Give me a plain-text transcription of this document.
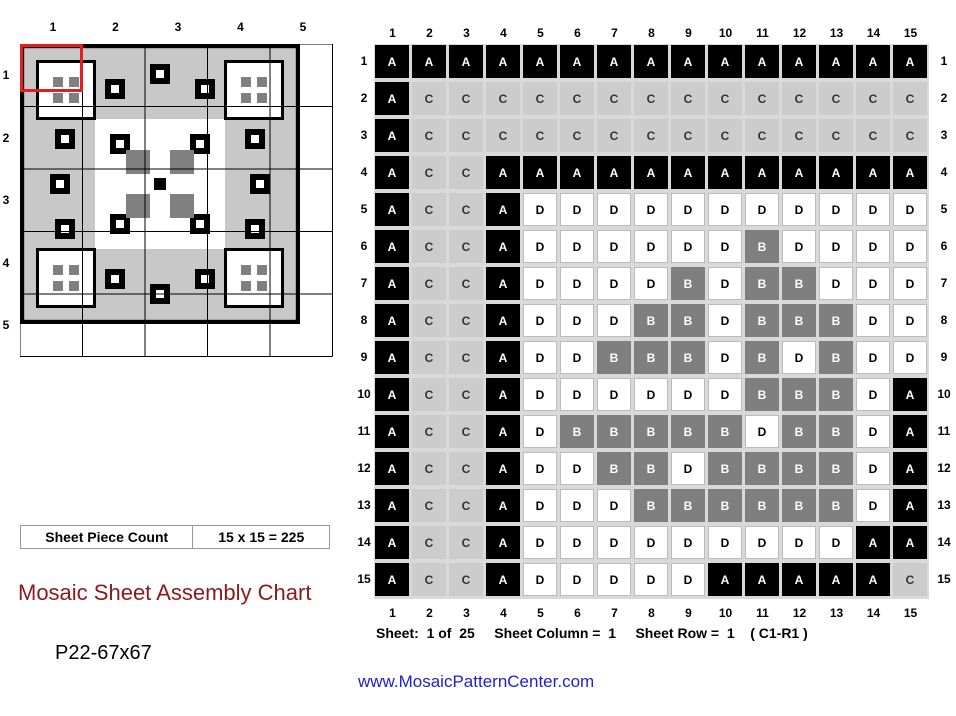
1	2	3	4	5
1
2
3
4
5
1	2	3	4	5	6	7	8	9	10	11	12	13	14	15
1	2	3	4	5	6	7	8	9	10	11	12	13	14	15
1
2
3
4
5
6
7
8
9
10
11
12
13
14
15
1
2
3
4
5
6
7
8
9
10
11
12
13
14
15
A	A	A	A	A	A	A	A	A	A	A	A	A	A	A
A	C	C	C	C	C	C	C	C	C	C	C	C	C	C
A	C	C	C	C	C	C	C	C	C	C	C	C	C	C
A	C	C	A	A	A	A	A	A	A	A	A	A	A	A
A	C	C	A	D	D	D	D	D	D	D	D	D	D	D
A	C	C	A	D	D	D	D	D	D	B	D	D	D	D
A	C	C	A	D	D	D	D	B	D	B	B	D	D	D
A	C	C	A	D	D	D	B	B	D	B	B	B	D	D
A	C	C	A	D	D	B	B	B	D	B	D	B	D	D
A	C	C	A	D	D	D	D	D	D	B	B	B	D	A
A	C	C	A	D	B	B	B	B	B	D	B	B	D	A
A	C	C	A	D	D	B	B	D	B	B	B	B	D	A
A	C	C	A	D	D	D	B	B	B	B	B	B	D	A
A	C	C	A	D	D	D	D	D	D	D	D	D	A	A
A	C	C	A	D	D	D	D	D	A	A	A	A	A	C
Sheet Piece Count	15 x 15 = 225
Mosaic Sheet Assembly Chart
P22-67x67
Sheet:  1 of  25     Sheet Column =  1     Sheet Row =  1    ( C1-R1 )
www.MosaicPatternCenter.com
